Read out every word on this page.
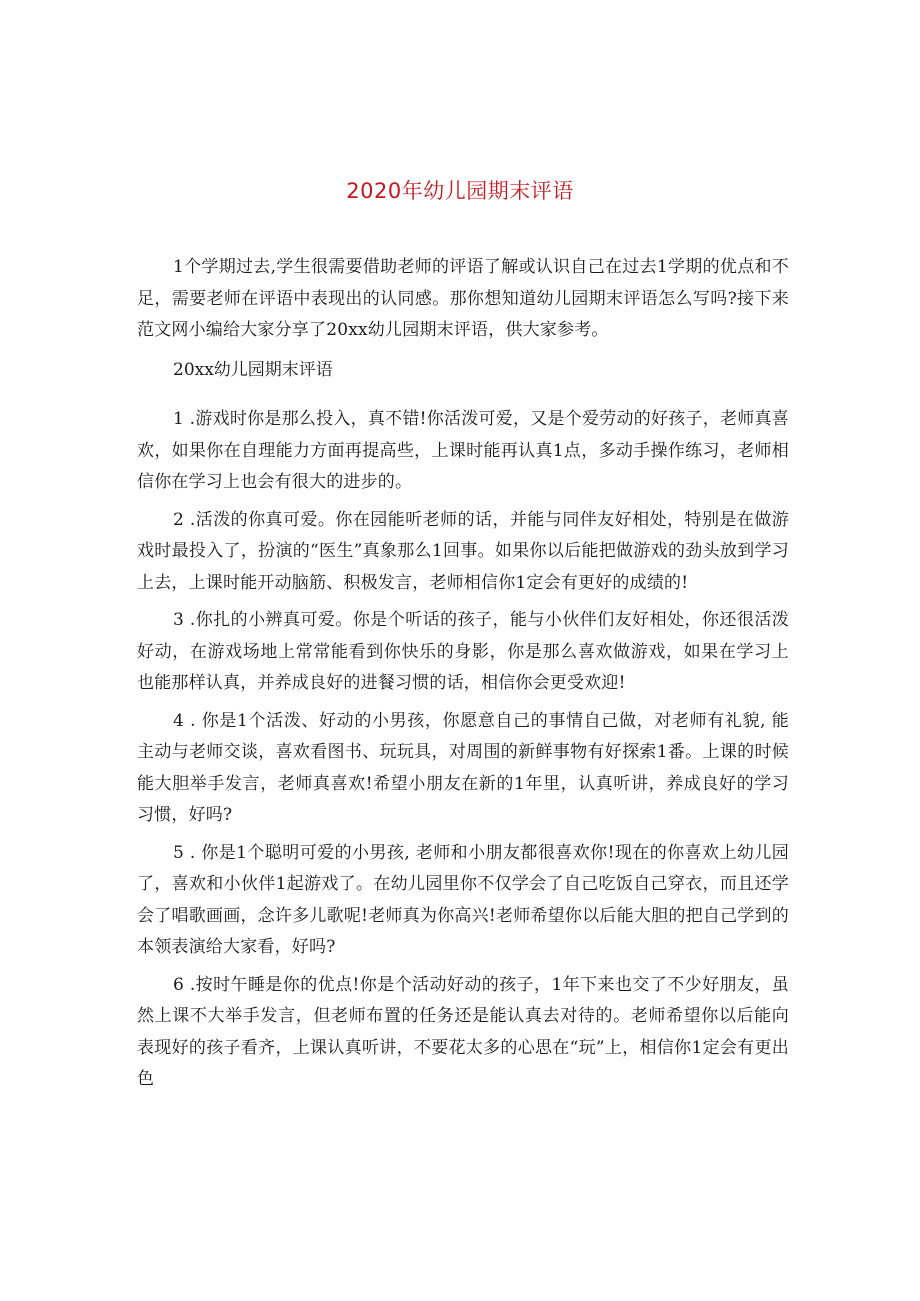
2020年幼儿园期末评语

1个学期过去,学生很需要借助老师的评语了解或认识自己在过去1学期的优点和不足，需要老师在评语中表现出的认同感。那你想知道幼儿园期末评语怎么写吗?接下来范文网小编给大家分享了20xx幼儿园期末评语，供大家参考。

20xx幼儿园期末评语

1 .游戏时你是那么投入，真不错!你活泼可爱，又是个爱劳动的好孩子，老师真喜欢，如果你在自理能力方面再提高些，上课时能再认真1点，多动手操作练习，老师相信你在学习上也会有很大的进步的。

2 .活泼的你真可爱。你在园能听老师的话，并能与同伴友好相处，特别是在做游戏时最投入了，扮演的“医生”真象那么1回事。如果你以后能把做游戏的劲头放到学习上去，上课时能开动脑筋、积极发言，老师相信你1定会有更好的成绩的!

3 .你扎的小辨真可爱。你是个听话的孩子，能与小伙伴们友好相处，你还很活泼好动，在游戏场地上常常能看到你快乐的身影，你是那么喜欢做游戏，如果在学习上也能那样认真，并养成良好的进餐习惯的话，相信你会更受欢迎!

4 . 你是1个活泼、好动的小男孩，你愿意自己的事情自己做，对老师有礼貌, 能主动与老师交谈，喜欢看图书、玩玩具，对周围的新鲜事物有好探索1番。上课的时候能大胆举手发言，老师真喜欢!希望小朋友在新的1年里，认真听讲，养成良好的学习习惯，好吗?

5 . 你是1个聪明可爱的小男孩, 老师和小朋友都很喜欢你!现在的你喜欢上幼儿园了，喜欢和小伙伴1起游戏了。在幼儿园里你不仅学会了自己吃饭自己穿衣，而且还学会了唱歌画画，念许多儿歌呢!老师真为你高兴!老师希望你以后能大胆的把自己学到的本领表演给大家看，好吗?

6 .按时午睡是你的优点!你是个活动好动的孩子，1年下来也交了不少好朋友，虽然上课不大举手发言，但老师布置的任务还是能认真去对待的。老师希望你以后能向表现好的孩子看齐，上课认真听讲，不要花太多的心思在“玩”上，相信你1定会有更出色
